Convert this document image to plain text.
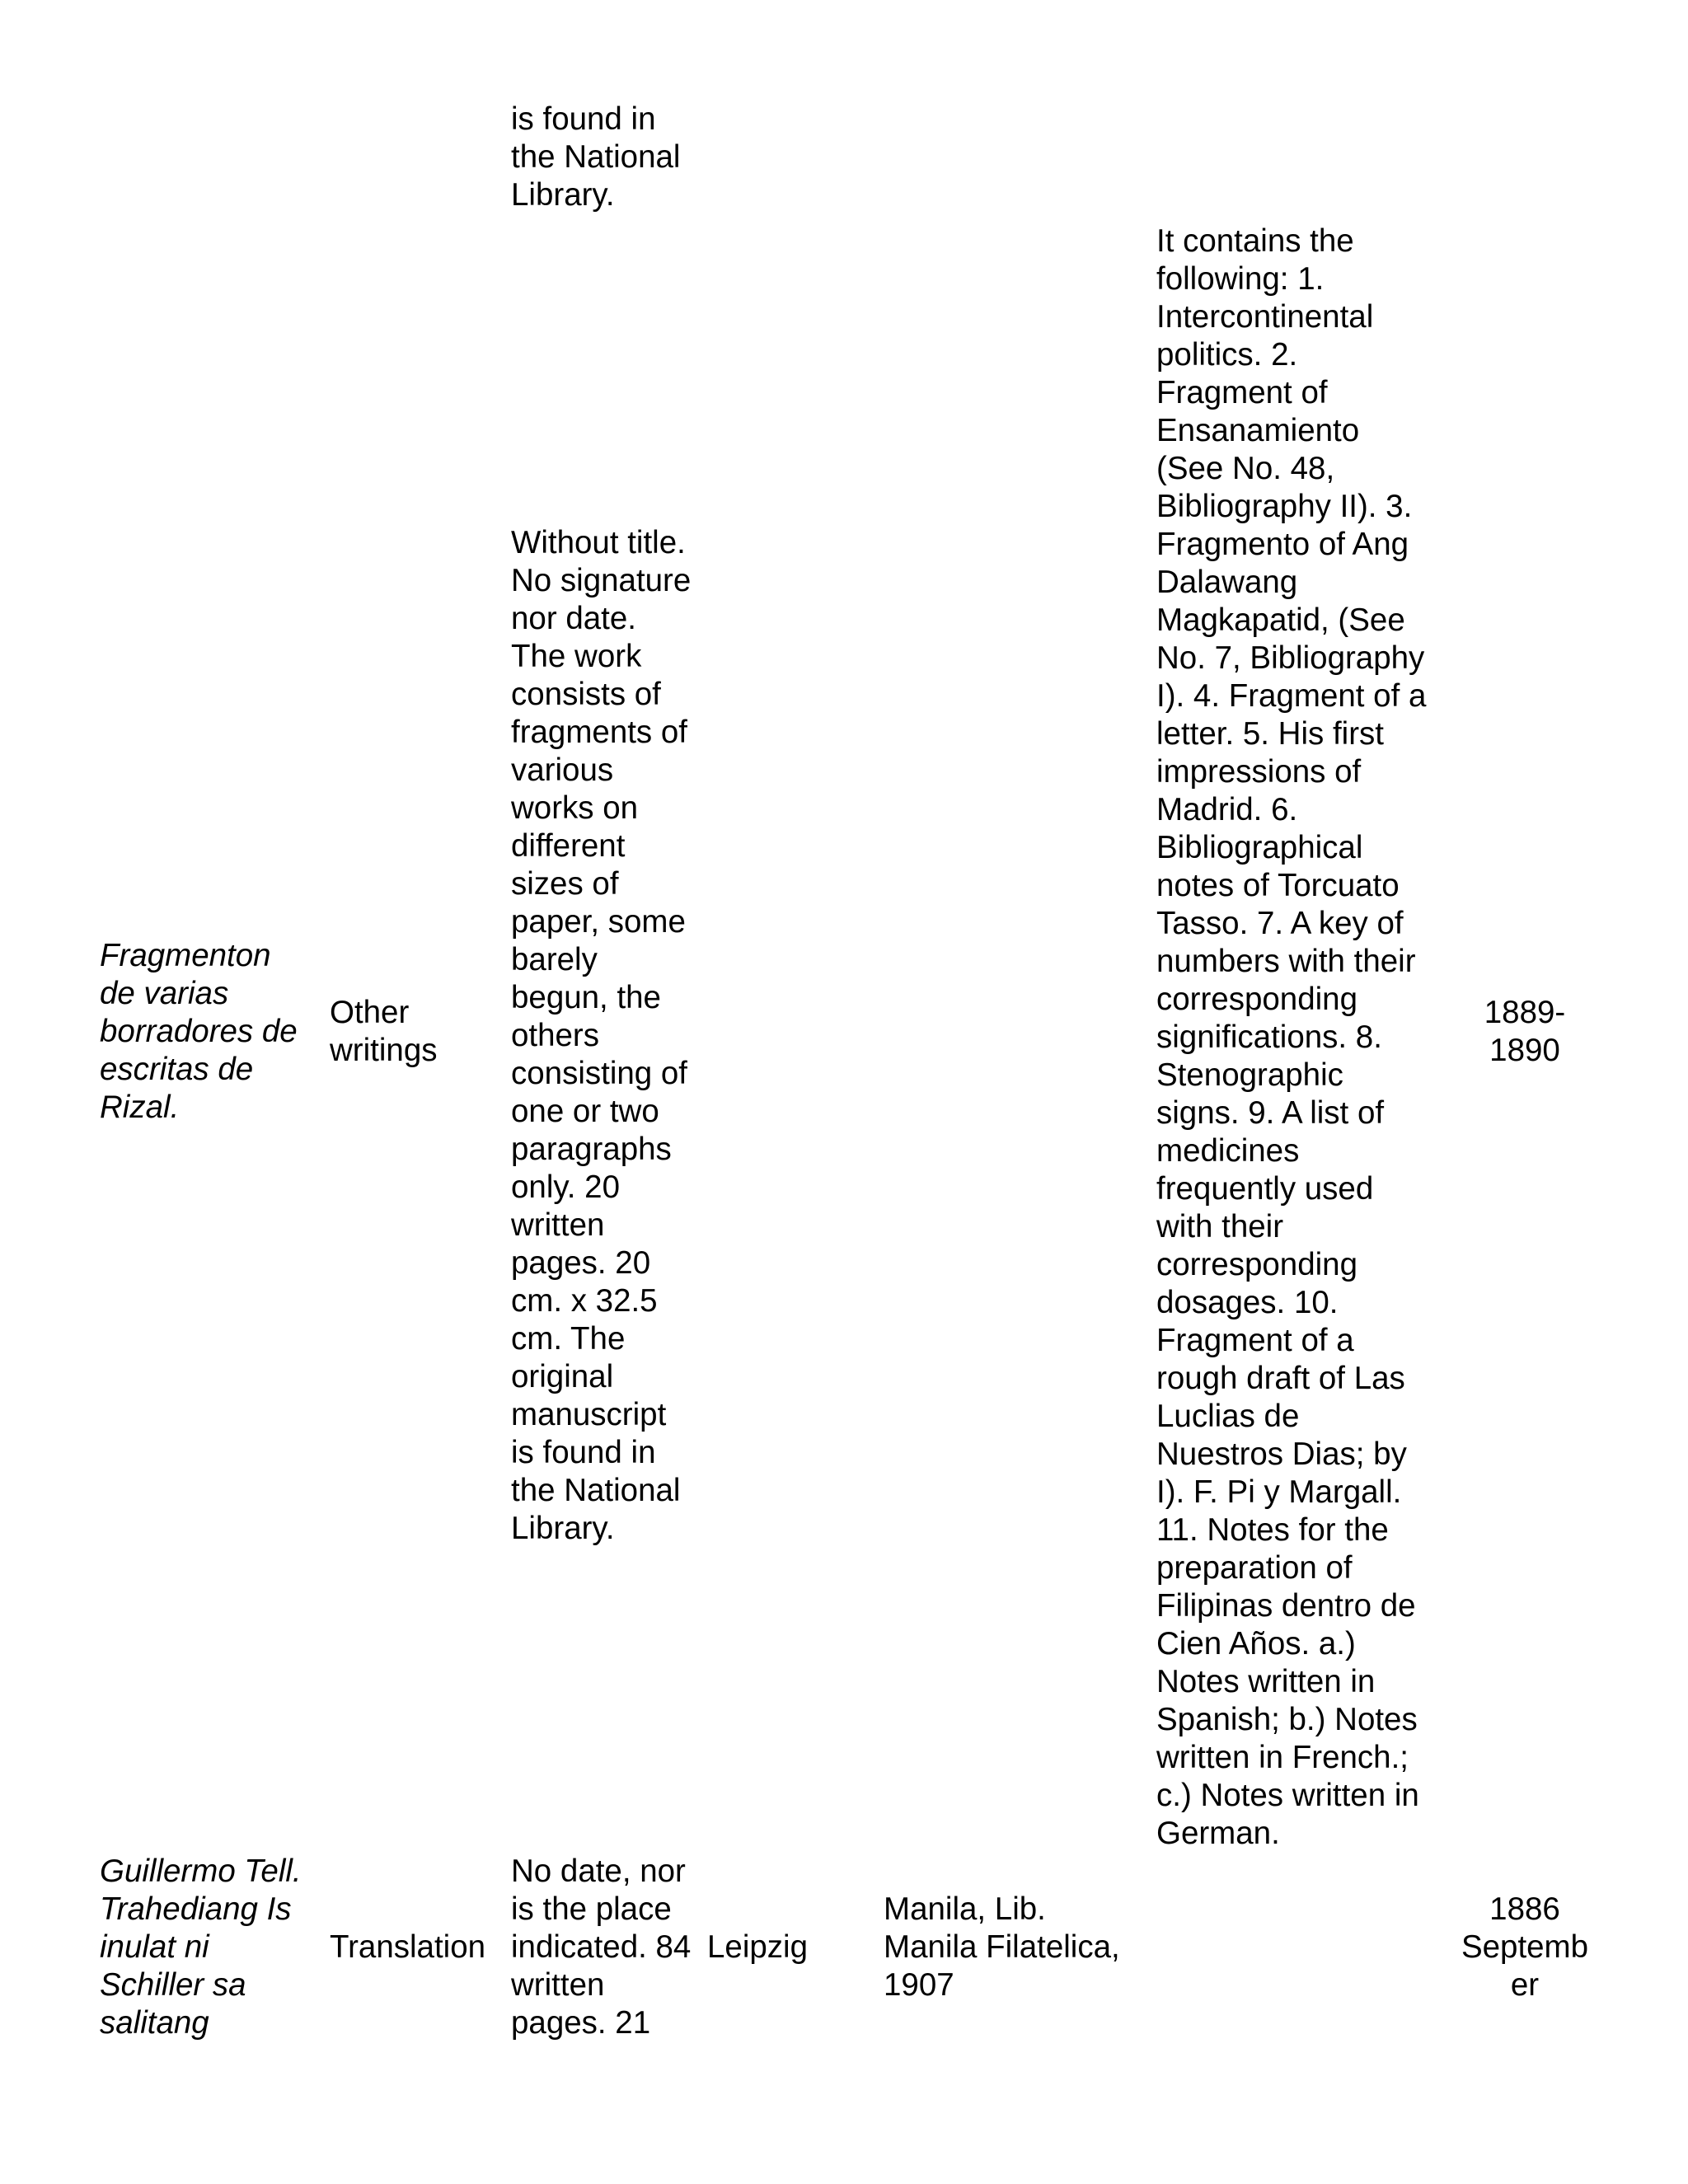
is found in
the National
Library.
Fragmenton
de varias
borradores de
escritas de
Rizal.
Other
writings
Without title.
No signature
nor date.
The work
consists of
fragments of
various
works on
different
sizes of
paper, some
barely
begun, the
others
consisting of
one or two
paragraphs
only. 20
written
pages. 20
cm. x 32.5
cm. The
original
manuscript
is found in
the National
Library.
It contains the
following: 1.
Intercontinental
politics. 2.
Fragment of
Ensanamiento
(See No. 48,
Bibliography II). 3.
Fragmento of Ang
Dalawang
Magkapatid, (See
No. 7, Bibliography
I). 4. Fragment of a
letter. 5. His first
impressions of
Madrid. 6.
Bibliographical
notes of Torcuato
Tasso. 7. A key of
numbers with their
corresponding
significations. 8.
Stenographic
signs. 9. A list of
medicines
frequently used
with their
corresponding
dosages. 10.
Fragment of a
rough draft of Las
Luclias de
Nuestros Dias; by
I). F. Pi y Margall.
11. Notes for the
preparation of
Filipinas dentro de
Cien Años. a.)
Notes written in
Spanish; b.) Notes
written in French.;
c.) Notes written in
German.
1889-
1890
Guillermo Tell.
Trahediang Is
inulat ni
Schiller sa
salitang
Translation
No date, nor
is the place
indicated. 84
written
pages. 21
Leipzig
Manila, Lib.
Manila Filatelica,
1907
1886
Septemb
er
